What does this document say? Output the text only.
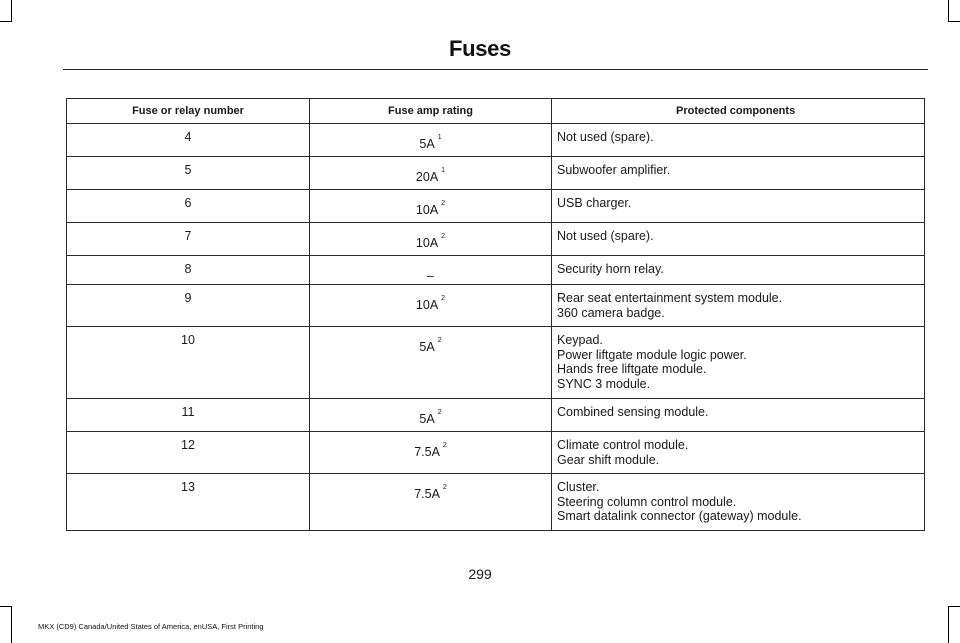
Fuses
Fuse or relay number	Fuse amp rating	Protected components
4	5A $^1$	Not used (spare).

5	20A $^1$	Subwoofer amplifier.

6	10A $^2$	USB charger.

7	10A $^2$	Not used (spare).

8	–	Security horn relay.

9	10A $^2$	Rear seat entertainment system module.
360 camera badge.

10	5A $^2$	Keypad.
Power liftgate module logic power.
Hands free liftgate module.
SYNC 3 module.

11	5A $^2$	Combined sensing module.

12	7.5A $^2$	Climate control module.
Gear shift module.

13	7.5A $^2$	Cluster.
Steering column control module.
Smart datalink connector (gateway) module.
299
MKX (CD9) Canada/United States of America, enUSA, First Printing
